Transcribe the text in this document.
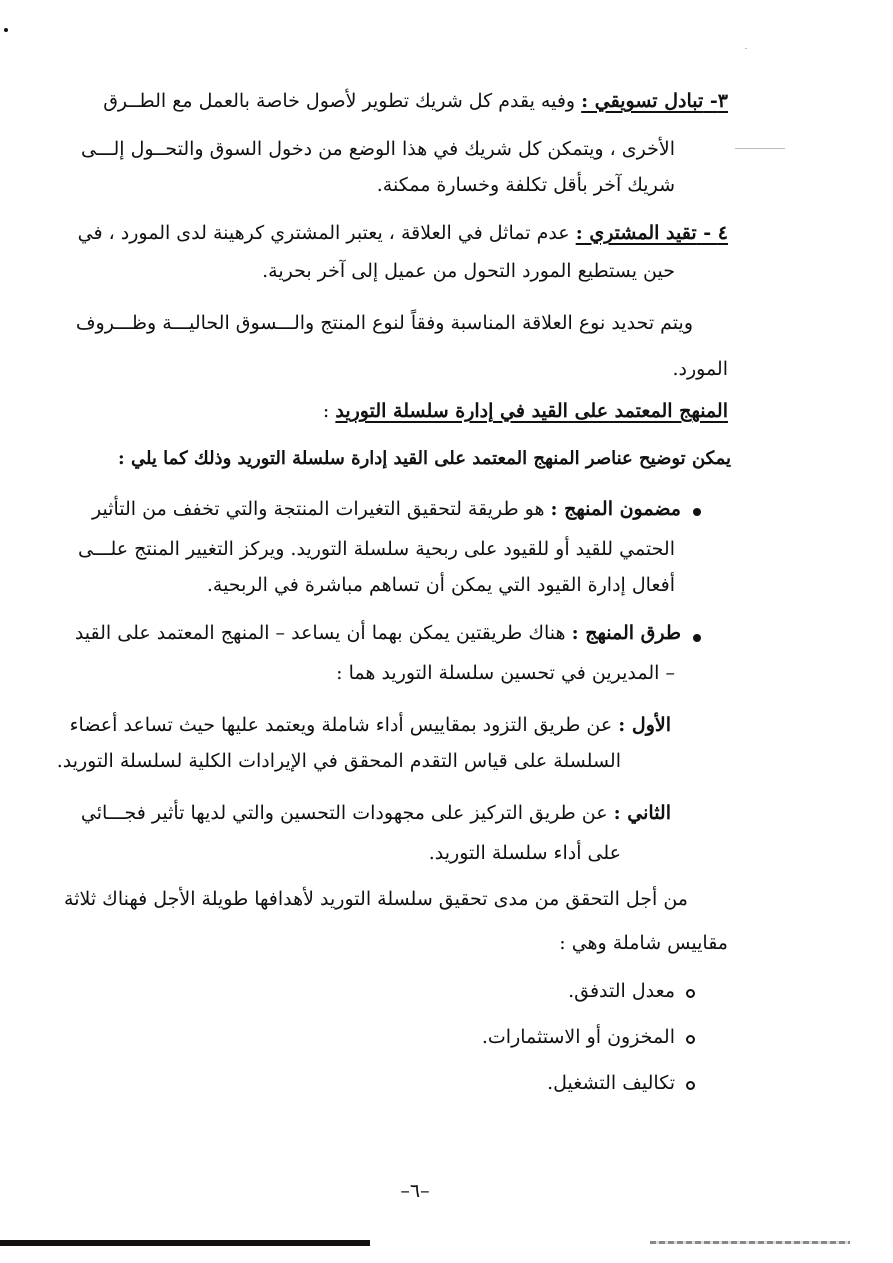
٣- تبادل تسويقي : وفيه يقدم كل شريك تطوير لأصول خاصة بالعمل مع الطــرق
الأخرى ، ويتمكن كل شريك في هذا الوضع من دخول السوق والتحــول إلـــى
شريك آخر بأقل تكلفة وخسارة ممكنة.
٤ - تقيد المشتري : عدم تماثل في العلاقة ، يعتبر المشتري كرهينة لدى المورد ، في
حين يستطيع المورد التحول من عميل إلى آخر بحرية.
ويتم تحديد نوع العلاقة المناسبة وفقاً لنوع المنتج والـــسوق الحاليـــة وظـــروف
المورد.
المنهج المعتمد على القيد في إدارة سلسلة التوريد :
يمكن توضيح عناصر المنهج المعتمد على القيد إدارة سلسلة التوريد وذلك كما يلي :
مضمون المنهج : هو طريقة لتحقيق التغيرات المنتجة والتي تخفف من التأثير
الحتمي للقيد أو للقيود على ربحية سلسلة التوريد. ويركز التغيير المنتج علـــى
أفعال إدارة القيود التي يمكن أن تساهم مباشرة في الربحية.
طرق المنهج : هناك طريقتين يمكن بهما أن يساعد – المنهج المعتمد على القيد
– المديرين في تحسين سلسلة التوريد هما :
الأول : عن طريق التزود بمقاييس أداء شاملة ويعتمد عليها حيث تساعد أعضاء
السلسلة على قياس التقدم المحقق في الإيرادات الكلية لسلسلة التوريد.
الثاني : عن طريق التركيز على مجهودات التحسين والتي لديها تأثير فجـــائي
على أداء سلسلة التوريد.
من أجل التحقق من مدى تحقيق سلسلة التوريد لأهدافها طويلة الأجل فهناك ثلاثة
مقاييس شاملة وهي :
معدل التدفق.
المخزون أو الاستثمارات.
تكاليف التشغيل.
–٦–
